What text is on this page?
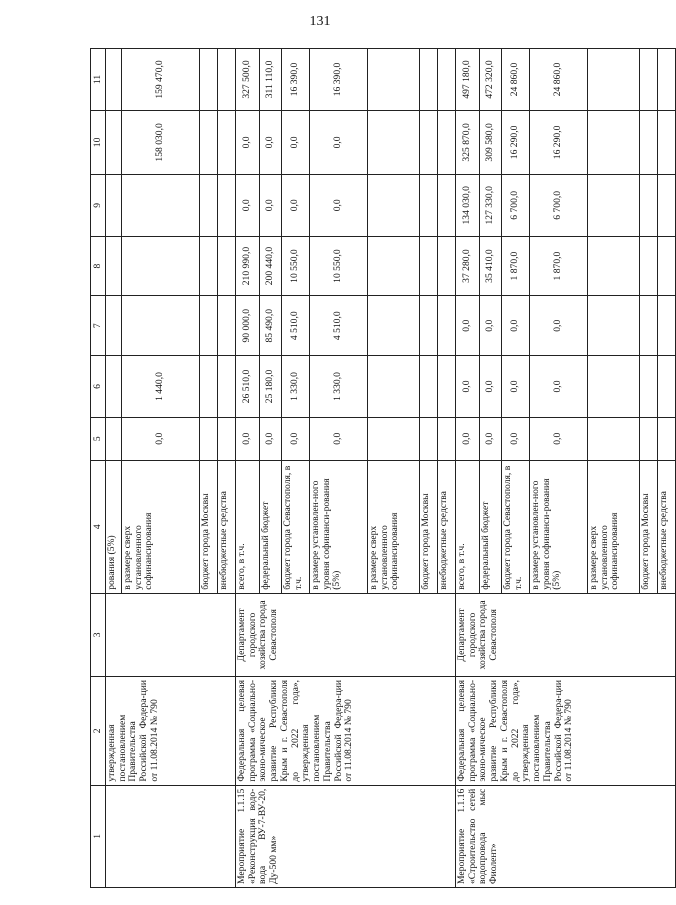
131
1	2	3	4	5	6	7	8	9	10	11
	утвержденная постановлением Правительства Российской Федера-ции от 11.08.2014 № 790		рования (5%)							
			в размере сверх установленного софинансирования	0,0	1 440,0				158 030,0	159 470,0
			бюджет города Москвы							
			внебюджетные средства							
Мероприятие 1.1.15 «Реконструкция водо-вода ВУ-7-ВУ-20, Ду-500 мм»	Федеральная целевая программа «Социально-эконо-мическое развитие Республики Крым и г. Севастополя до 2022 года», утвержденная постановлением Правительства Российской Федера-ции от 11.08.2014 № 790	Департамент городского хозяйства города Севастополя	всего, в т.ч.	0,0	26 510,0	90 000,0	210 990,0	0,0	0,0	327 500,0
			федеральный бюджет	0,0	25 180,0	85 490,0	200 440,0	0,0	0,0	311 110,0
			бюджет города Севастополя, в т.ч.	0,0	1 330,0	4 510,0	10 550,0	0,0	0,0	16 390,0
			в размере установлен-ного уровня софинанси-рования (5%)	0,0	1 330,0	4 510,0	10 550,0	0,0	0,0	16 390,0
			в размере сверх установленного софинансирования							
			бюджет города Москвы							
			внебюджетные средства							
Мероприятие 1.1.16 «Строительство сетей водопровода мыс Фиолент»	Федеральная целевая программа «Социально-эконо-мическое развитие Республики Крым и г. Севастополя до 2022 года», утвержденная постановлением Правительства Российской Федера-ции от 11.08.2014 № 790	Департамент городского хозяйства города Севастополя	всего, в т.ч.	0,0	0,0	0,0	37 280,0	134 030,0	325 870,0	497 180,0
			федеральный бюджет	0,0	0,0	0,0	35 410,0	127 330,0	309 580,0	472 320,0
			бюджет города Севастополя, в т.ч.	0,0	0,0	0,0	1 870,0	6 700,0	16 290,0	24 860,0
			в размере установлен-ного уровня софинанси-рования (5%)	0,0	0,0	0,0	1 870,0	6 700,0	16 290,0	24 860,0
			в размере сверх установленного софинансирования							
			бюджет города Москвы							
			внебюджетные средства							
